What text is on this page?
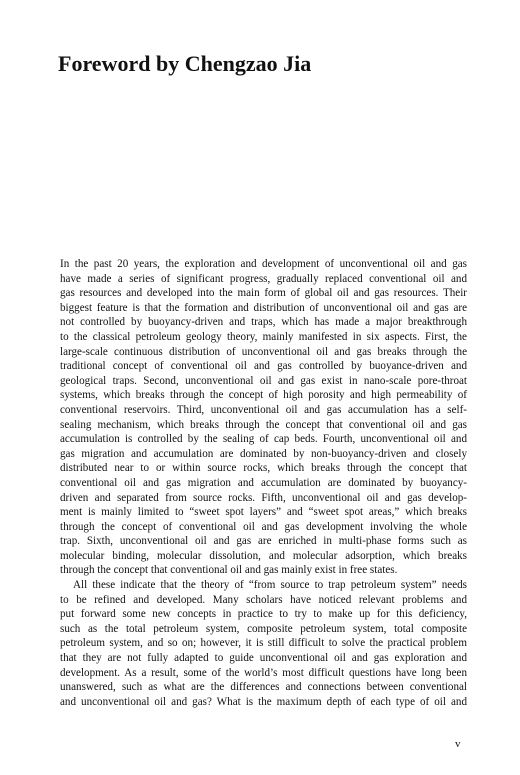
Foreword by Chengzao Jia
In the past 20 years, the exploration and development of unconventional oil and gas
have made a series of significant progress, gradually replaced conventional oil and
gas resources and developed into the main form of global oil and gas resources. Their
biggest feature is that the formation and distribution of unconventional oil and gas are
not controlled by buoyancy-driven and traps, which has made a major breakthrough
to the classical petroleum geology theory, mainly manifested in six aspects. First, the
large-scale continuous distribution of unconventional oil and gas breaks through the
traditional concept of conventional oil and gas controlled by buoyance-driven and
geological traps. Second, unconventional oil and gas exist in nano-scale pore-throat
systems, which breaks through the concept of high porosity and high permeability of
conventional reservoirs. Third, unconventional oil and gas accumulation has a self-
sealing mechanism, which breaks through the concept that conventional oil and gas
accumulation is controlled by the sealing of cap beds. Fourth, unconventional oil and
gas migration and accumulation are dominated by non-buoyancy-driven and closely
distributed near to or within source rocks, which breaks through the concept that
conventional oil and gas migration and accumulation are dominated by buoyancy-
driven and separated from source rocks. Fifth, unconventional oil and gas develop-
ment is mainly limited to “sweet spot layers” and “sweet spot areas,” which breaks
through the concept of conventional oil and gas development involving the whole
trap. Sixth, unconventional oil and gas are enriched in multi-phase forms such as
molecular binding, molecular dissolution, and molecular adsorption, which breaks
through the concept that conventional oil and gas mainly exist in free states.
All these indicate that the theory of “from source to trap petroleum system” needs
to be refined and developed. Many scholars have noticed relevant problems and
put forward some new concepts in practice to try to make up for this deficiency,
such as the total petroleum system, composite petroleum system, total composite
petroleum system, and so on; however, it is still difficult to solve the practical problem
that they are not fully adapted to guide unconventional oil and gas exploration and
development. As a result, some of the world’s most difficult questions have long been
unanswered, such as what are the differences and connections between conventional
and unconventional oil and gas? What is the maximum depth of each type of oil and
v
